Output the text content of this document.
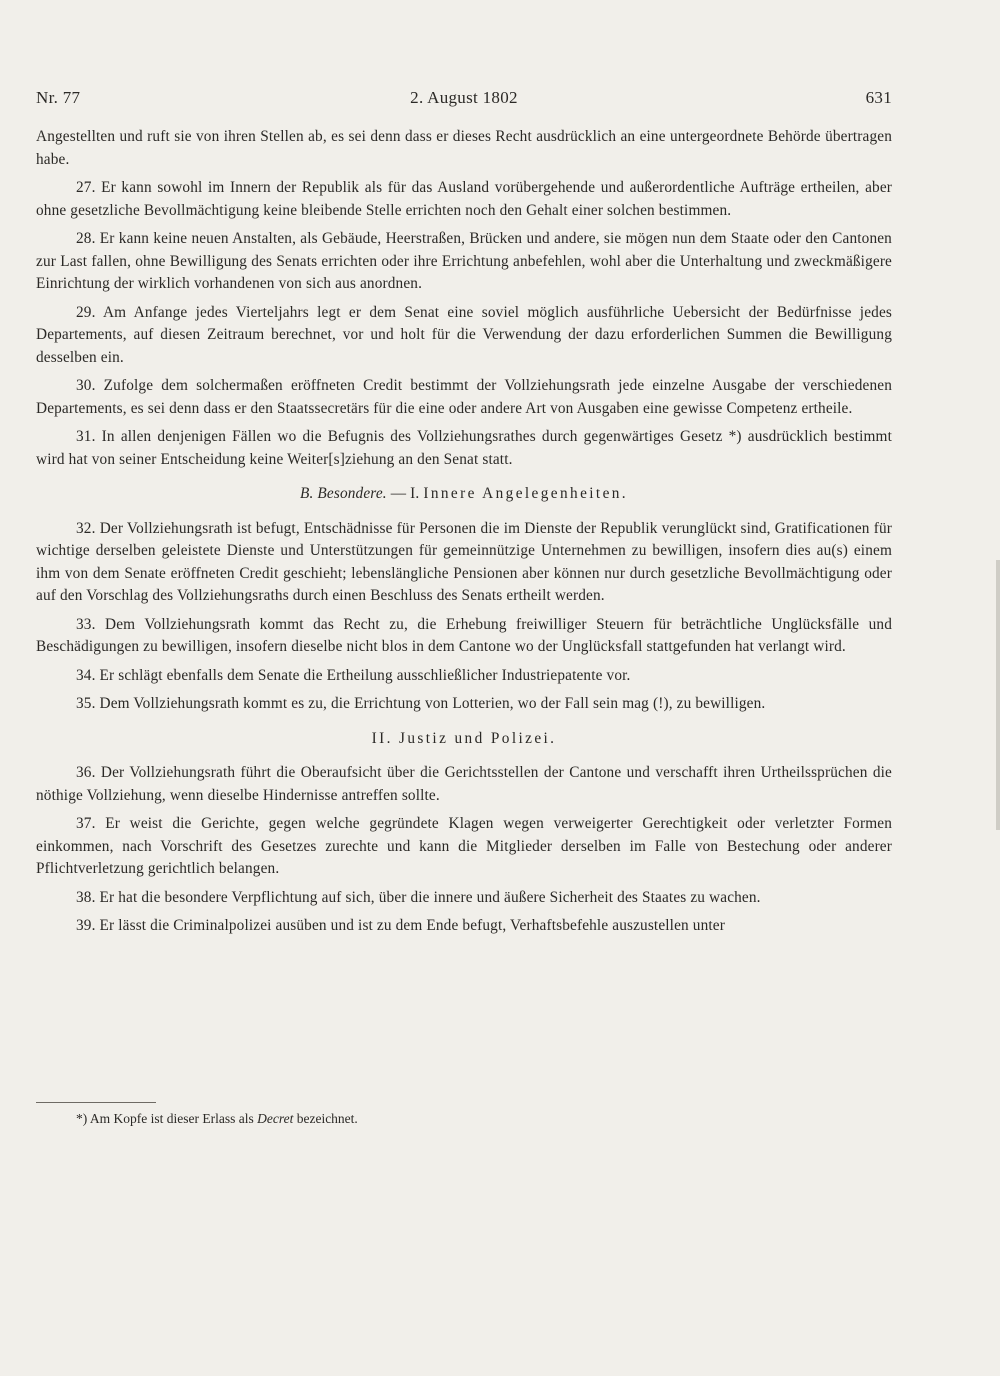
Nr. 77	2. August 1802	631

Angestellten und ruft sie von ihren Stellen ab, es sei denn dass er dieses Recht ausdrücklich an eine untergeordnete Behörde übertragen habe.

27. Er kann sowohl im Innern der Republik als für das Ausland vorübergehende und außerordentliche Aufträge ertheilen, aber ohne gesetzliche Bevollmächtigung keine bleibende Stelle errichten noch den Gehalt einer solchen bestimmen.

28. Er kann keine neuen Anstalten, als Gebäude, Heerstraßen, Brücken und andere, sie mögen nun dem Staate oder den Cantonen zur Last fallen, ohne Bewilligung des Senats errichten oder ihre Errichtung anbefehlen, wohl aber die Unterhaltung und zweckmäßigere Einrichtung der wirklich vorhandenen von sich aus anordnen.

29. Am Anfange jedes Vierteljahrs legt er dem Senat eine soviel möglich ausführliche Uebersicht der Bedürfnisse jedes Departements, auf diesen Zeitraum berechnet, vor und holt für die Verwendung der dazu erforderlichen Summen die Bewilligung desselben ein.

30. Zufolge dem solchermaßen eröffneten Credit bestimmt der Vollziehungsrath jede einzelne Ausgabe der verschiedenen Departements, es sei denn dass er den Staatssecretärs für die eine oder andere Art von Ausgaben eine gewisse Competenz ertheile.

31. In allen denjenigen Fällen wo die Befugnis des Vollziehungsrathes durch gegenwärtiges Gesetz *) ausdrücklich bestimmt wird hat von seiner Entscheidung keine Weiter[s]ziehung an den Senat statt.

B. Besondere. — I. Innere Angelegenheiten.

32. Der Vollziehungsrath ist befugt, Entschädnisse für Personen die im Dienste der Republik verunglückt sind, Gratificationen für wichtige derselben geleistete Dienste und Unterstützungen für gemeinnützige Unternehmen zu bewilligen, insofern dies au(s) einem ihm von dem Senate eröffneten Credit geschieht; lebenslängliche Pensionen aber können nur durch gesetzliche Bevollmächtigung oder auf den Vorschlag des Vollziehungsraths durch einen Beschluss des Senats ertheilt werden.

33. Dem Vollziehungsrath kommt das Recht zu, die Erhebung freiwilliger Steuern für beträchtliche Unglücksfälle und Beschädigungen zu bewilligen, insofern dieselbe nicht blos in dem Cantone wo der Unglücksfall stattgefunden hat verlangt wird.

34. Er schlägt ebenfalls dem Senate die Ertheilung ausschließlicher Industriepatente vor.

35. Dem Vollziehungsrath kommt es zu, die Errichtung von Lotterien, wo der Fall sein mag (!), zu bewilligen.

II. Justiz und Polizei.

36. Der Vollziehungsrath führt die Oberaufsicht über die Gerichtsstellen der Cantone und verschafft ihren Urtheilssprüchen die nöthige Vollziehung, wenn dieselbe Hindernisse antreffen sollte.

37. Er weist die Gerichte, gegen welche gegründete Klagen wegen verweigerter Gerechtigkeit oder verletzter Formen einkommen, nach Vorschrift des Gesetzes zurechte und kann die Mitglieder derselben im Falle von Bestechung oder anderer Pflichtverletzung gerichtlich belangen.

38. Er hat die besondere Verpflichtung auf sich, über die innere und äußere Sicherheit des Staates zu wachen.

39. Er lässt die Criminalpolizei ausüben und ist zu dem Ende befugt, Verhaftsbefehle auszustellen unter

*) Am Kopfe ist dieser Erlass als Decret bezeichnet.
